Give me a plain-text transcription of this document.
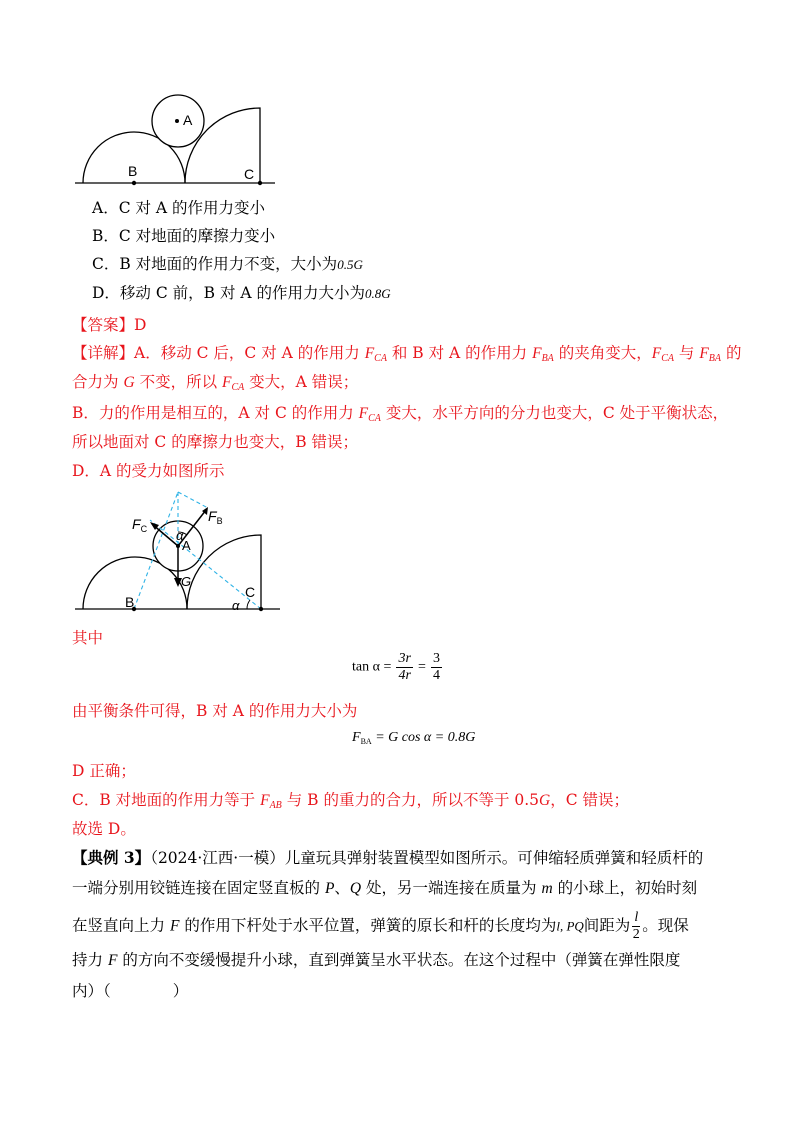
A
B	C
A．C 对 A 的作用力变小
B．C 对地面的摩擦力变小
C．B 对地面的作用力不变，大小为0.5G
D．移动 C 前，B 对 A 的作用力大小为0.8G
【答案】D
【详解】A．移动 C 后，C 对 A 的作用力 $F_{CA}$ 和 B 对 A 的作用力 $F_{BA}$ 的夹角变大，$F_{CA}$ 与 $F_{BA}$ 的
合力为 G 不变，所以 $F_{CA}$ 变大，A 错误；
B．力的作用是相互的，A 对 C 的作用力 $F_{CA}$ 变大，水平方向的分力也变大，C 处于平衡状态，
所以地面对 C 的摩擦力也变大，B 错误；
D．A 的受力如图所示
$F_C$
$F_B$
α
A
G
B
C
α
其中
$\tan \alpha = \frac{3r}{4r} = \frac{3}{4}$
由平衡条件可得，B 对 A 的作用力大小为
$F_{BA} = G$ cos α = 0.8G
D 正确；
C．B 对地面的作用力等于 $F_{AB}$ 与 B 的重力的合力，所以不等于 0.5G，C 错误；
故选 D。
【典例 3】（2024·江西·一模）儿童玩具弹射装置模型如图所示。可伸缩轻质弹簧和轻质杆的
一端分别用铰链连接在固定竖直板的 P、Q 处，另一端连接在质量为 m 的小球上，初始时刻
在竖直向上力 F 的作用下杆处于水平位置，弹簧的原长和杆的长度均为l, PQ间距为 $\frac{l}{2}$ 。现保
持力 F 的方向不变缓慢提升小球，直到弹簧呈水平状态。在这个过程中（弹簧在弹性限度
内）（　　　　）
